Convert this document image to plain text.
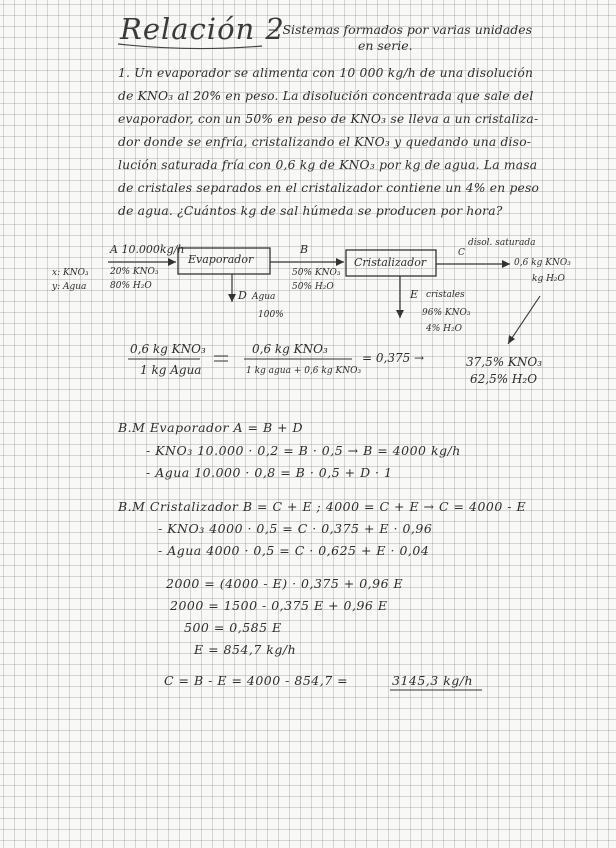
Relación 2
→ Sistemas formados por varias unidades
en serie.
1. Un evaporador se alimenta con 10 000 kg/h de una disolución
de KNO₃ al 20% en peso. La disolución concentrada que sale del
evaporador, con un 50% en peso de KNO₃ se lleva a un cristaliza-
dor donde se enfría, cristalizando el KNO₃ y quedando una diso-
lución saturada fría con 0,6 kg de KNO₃ por kg de agua. La masa
de cristales separados en el cristalizador contiene un 4% en peso
de agua. ¿Cuántos kg de sal húmeda se producen por hora?
A 10.000kg/h
x: KNO₃
y: Agua
20% KNO₃
80% H₂O
Evaporador
B
50% KNO₃
50% H₂O
D Agua
100%
Cristalizador
C
disol. saturada
0,6 kg KNO₃
kg H₂O
E cristales
96% KNO₃
4% H₂O
0,6 kg KNO₃
1 kg Agua
0,6 kg KNO₃
1 kg agua + 0,6 kg KNO₃
= 0,375 →	37,5% KNO₃
62,5% H₂O
B.M Evaporador A = B + D
- KNO₃ 10.000 · 0,2 = B · 0,5 → B = 4000 kg/h
- Agua 10.000 · 0,8 = B · 0,5 + D · 1
B.M Cristalizador B = C + E ; 4000 = C + E → C = 4000 - E
- KNO₃ 4000 · 0,5 = C · 0,375 + E · 0,96
- Agua 4000 · 0,5 = C · 0,625 + E · 0,04
2000 = (4000 - E) · 0,375 + 0,96 E
2000 = 1500 - 0,375 E + 0,96 E
500 = 0,585 E
E = 854,7 kg/h
C = B - E = 4000 - 854,7 =	3145,3 kg/h
